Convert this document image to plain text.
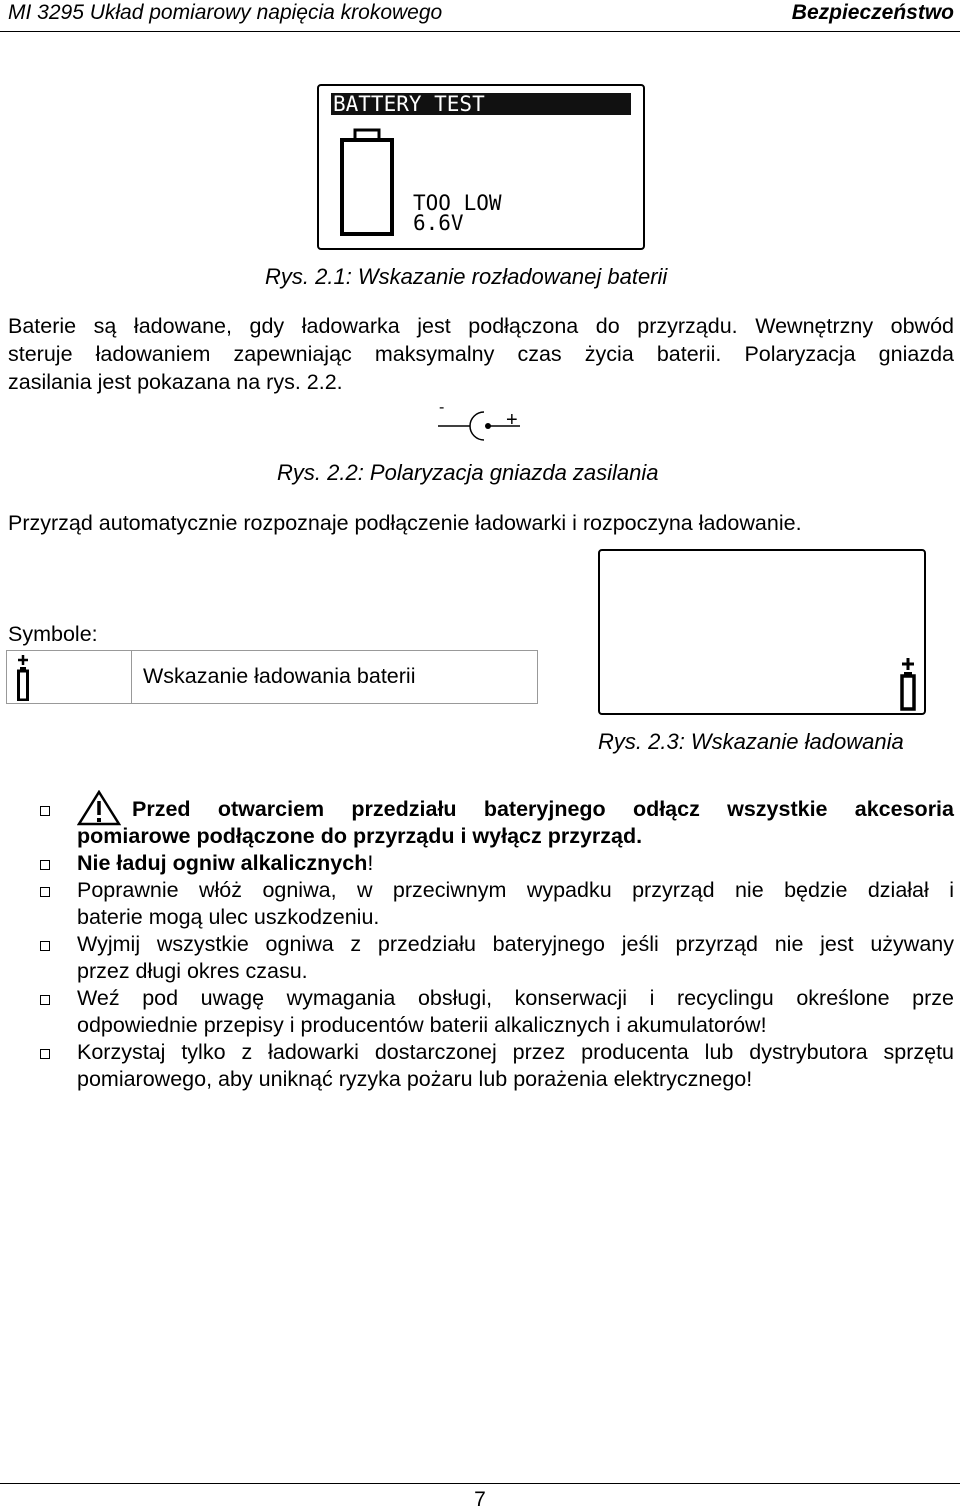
MI 3295 Układ pomiarowy napięcia krokowego	Bezpieczeństwo
BATTERY TEST
TOO LOW
6.6V
Rys. 2.1: Wskazanie rozładowanej baterii
Baterie są ładowane, gdy ładowarka jest podłączona do przyrządu. Wewnętrzny obwód
steruje ładowaniem zapewniając maksymalny czas życia baterii. Polaryzacja gniazda
zasilania jest pokazana na rys. 2.2.
-
+
Rys. 2.2: Polaryzacja gniazda zasilania
Przyrząd automatycznie rozpoznaje podłączenie ładowarki i rozpoczyna ładowanie.
Symbole:
Wskazanie ładowania baterii
Rys. 2.3: Wskazanie ładowania
Przed otwarciem przedziału bateryjnego odłącz wszystkie akcesoria
pomiarowe podłączone do przyrządu i wyłącz przyrząd.
Nie ładuj ogniw alkalicznych!
Poprawnie włóż ogniwa, w przeciwnym wypadku przyrząd nie będzie działał i
baterie mogą ulec uszkodzeniu.
Wyjmij wszystkie ogniwa z przedziału bateryjnego jeśli przyrząd nie jest używany
przez długi okres czasu.
Weź pod uwagę wymagania obsługi, konserwacji i recyclingu określone prze
odpowiednie przepisy i producentów baterii alkalicznych i akumulatorów!
Korzystaj tylko z ładowarki dostarczonej przez producenta lub dystrybutora sprzętu
pomiarowego, aby uniknąć ryzyka pożaru lub porażenia elektrycznego!
7
